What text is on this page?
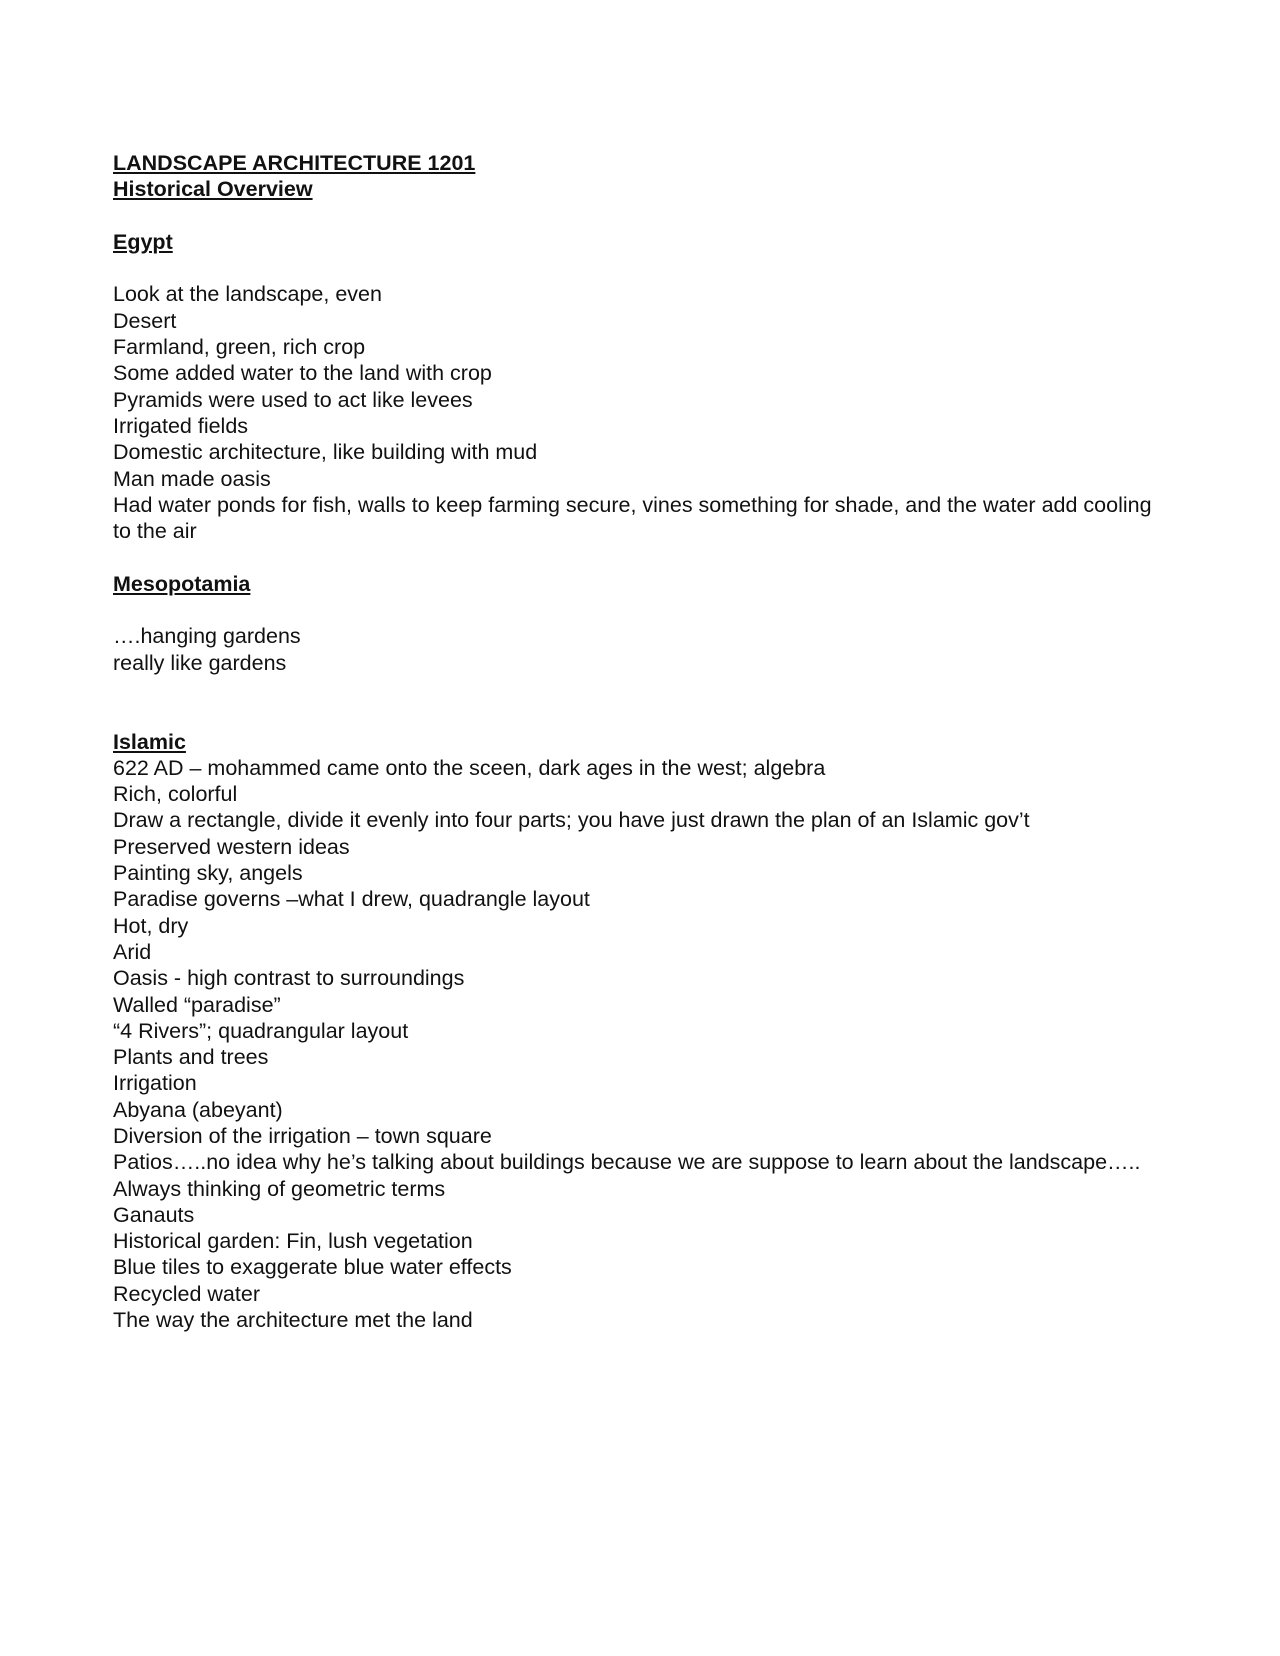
LANDSCAPE ARCHITECTURE 1201
Historical Overview
Egypt
Look at the landscape, even
Desert
Farmland, green, rich crop
Some added water to the land with crop
Pyramids were used to act like levees
Irrigated fields
Domestic architecture, like building with mud
Man made oasis
Had water ponds for fish, walls to keep farming secure, vines something for shade, and the water add cooling to the air
Mesopotamia
….hanging gardens
really like gardens
Islamic
622 AD – mohammed came onto the sceen, dark ages in the west; algebra
Rich, colorful
Draw a rectangle, divide it evenly into four parts; you have just drawn the plan of an Islamic gov’t
Preserved western ideas
Painting sky, angels
Paradise governs –what I drew, quadrangle layout
Hot, dry
Arid
Oasis - high contrast to surroundings
Walled “paradise”
“4 Rivers”; quadrangular layout
Plants and trees
Irrigation
Abyana (abeyant)
Diversion of the irrigation – town square
Patios…..no idea why he’s talking about buildings because we are suppose to learn about the landscape…..
Always thinking of geometric terms
Ganauts
Historical garden: Fin, lush vegetation
Blue tiles to exaggerate blue water effects
Recycled water
The way the architecture met the land
